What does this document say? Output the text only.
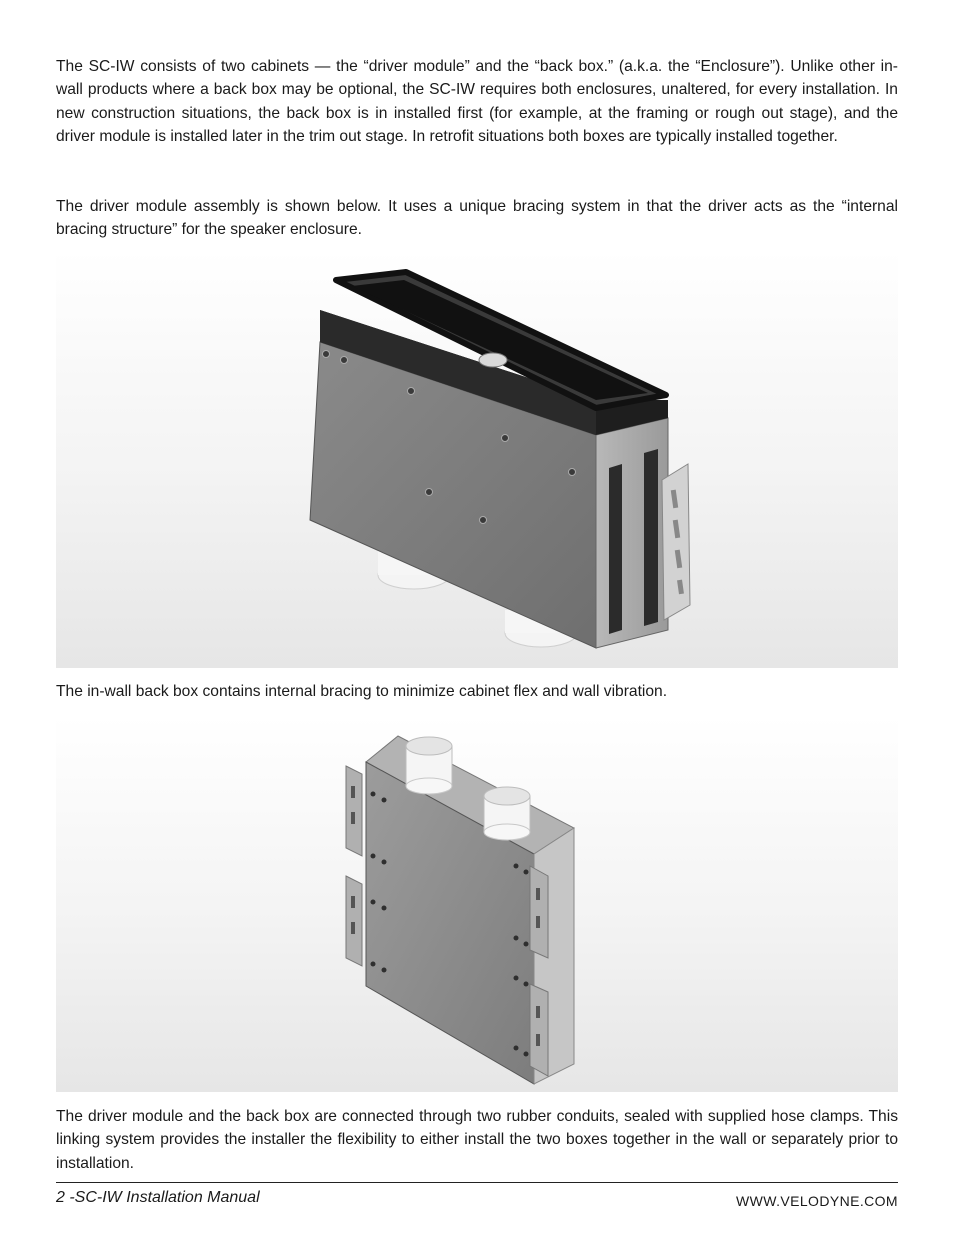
The SC-IW consists of two cabinets — the “driver module” and the “back box.” (a.k.a. the “Enclosure”). Unlike other in-wall products where a back box may be optional, the SC-IW requires both enclosures, unaltered, for every installation. In new construction situations, the back box is in installed first (for example, at the framing or rough out stage), and the driver module is installed later in the trim out stage. In retrofit situations both boxes are typically installed together.

The driver module assembly is shown below. It uses a unique bracing system in that the driver acts as the “internal bracing structure” for the speaker enclosure.

The in-wall back box contains internal bracing to minimize cabinet flex and wall vibration.

The driver module and the back box are connected through two rubber conduits, sealed with supplied hose clamps. This linking system provides the installer the flexibility to either install the two boxes together in the wall or separately prior to installation.

2 -SC-IW Installation Manual	WWW.VELODYNE.COM
